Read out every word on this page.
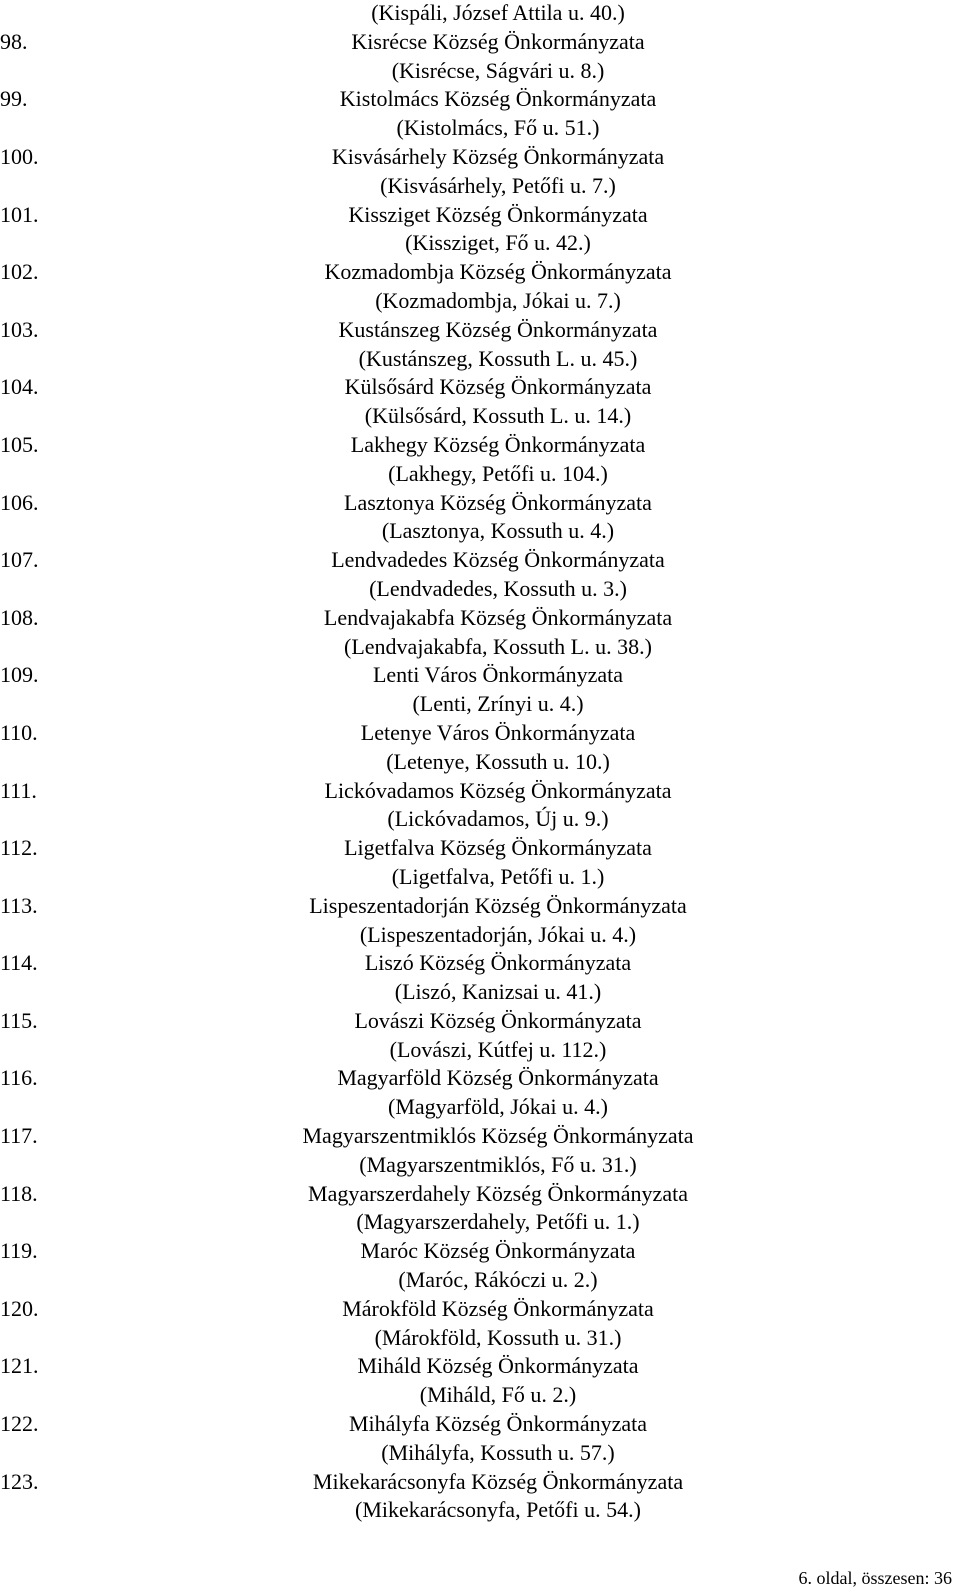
(Kispáli, József Attila u. 40.)
98.	Kisrécse Község Önkormányzata
(Kisrécse, Ságvári u. 8.)
99.	Kistolmács Község Önkormányzata
(Kistolmács, Fő u. 51.)
100.	Kisvásárhely Község Önkormányzata
(Kisvásárhely, Petőfi u. 7.)
101.	Kissziget Község Önkormányzata
(Kissziget, Fő u. 42.)
102.	Kozmadombja Község Önkormányzata
(Kozmadombja, Jókai u. 7.)
103.	Kustánszeg Község Önkormányzata
(Kustánszeg, Kossuth L. u. 45.)
104.	Külsősárd Község Önkormányzata
(Külsősárd, Kossuth L. u. 14.)
105.	Lakhegy Község Önkormányzata
(Lakhegy, Petőfi u. 104.)
106.	Lasztonya Község Önkormányzata
(Lasztonya, Kossuth u. 4.)
107.	Lendvadedes Község Önkormányzata
(Lendvadedes, Kossuth u. 3.)
108.	Lendvajakabfa Község Önkormányzata
(Lendvajakabfa, Kossuth L. u. 38.)
109.	Lenti Város Önkormányzata
(Lenti, Zrínyi u. 4.)
110.	Letenye Város Önkormányzata
(Letenye, Kossuth u. 10.)
111.	Lickóvadamos Község Önkormányzata
(Lickóvadamos, Új u. 9.)
112.	Ligetfalva Község Önkormányzata
(Ligetfalva, Petőfi u. 1.)
113.	Lispeszentadorján Község Önkormányzata
(Lispeszentadorján, Jókai u. 4.)
114.	Liszó Község Önkormányzata
(Liszó, Kanizsai u. 41.)
115.	Lovászi Község Önkormányzata
(Lovászi, Kútfej u. 112.)
116.	Magyarföld Község Önkormányzata
(Magyarföld, Jókai u. 4.)
117.	Magyarszentmiklós Község Önkormányzata
(Magyarszentmiklós, Fő u. 31.)
118.	Magyarszerdahely Község Önkormányzata
(Magyarszerdahely, Petőfi u. 1.)
119.	Maróc Község Önkormányzata
(Maróc, Rákóczi u. 2.)
120.	Márokföld Község Önkormányzata
(Márokföld, Kossuth u. 31.)
121.	Miháld Község Önkormányzata
(Miháld, Fő u. 2.)
122.	Mihályfa Község Önkormányzata
(Mihályfa, Kossuth u. 57.)
123.	Mikekarácsonyfa Község Önkormányzata
(Mikekarácsonyfa, Petőfi u. 54.)
6. oldal, összesen: 36
